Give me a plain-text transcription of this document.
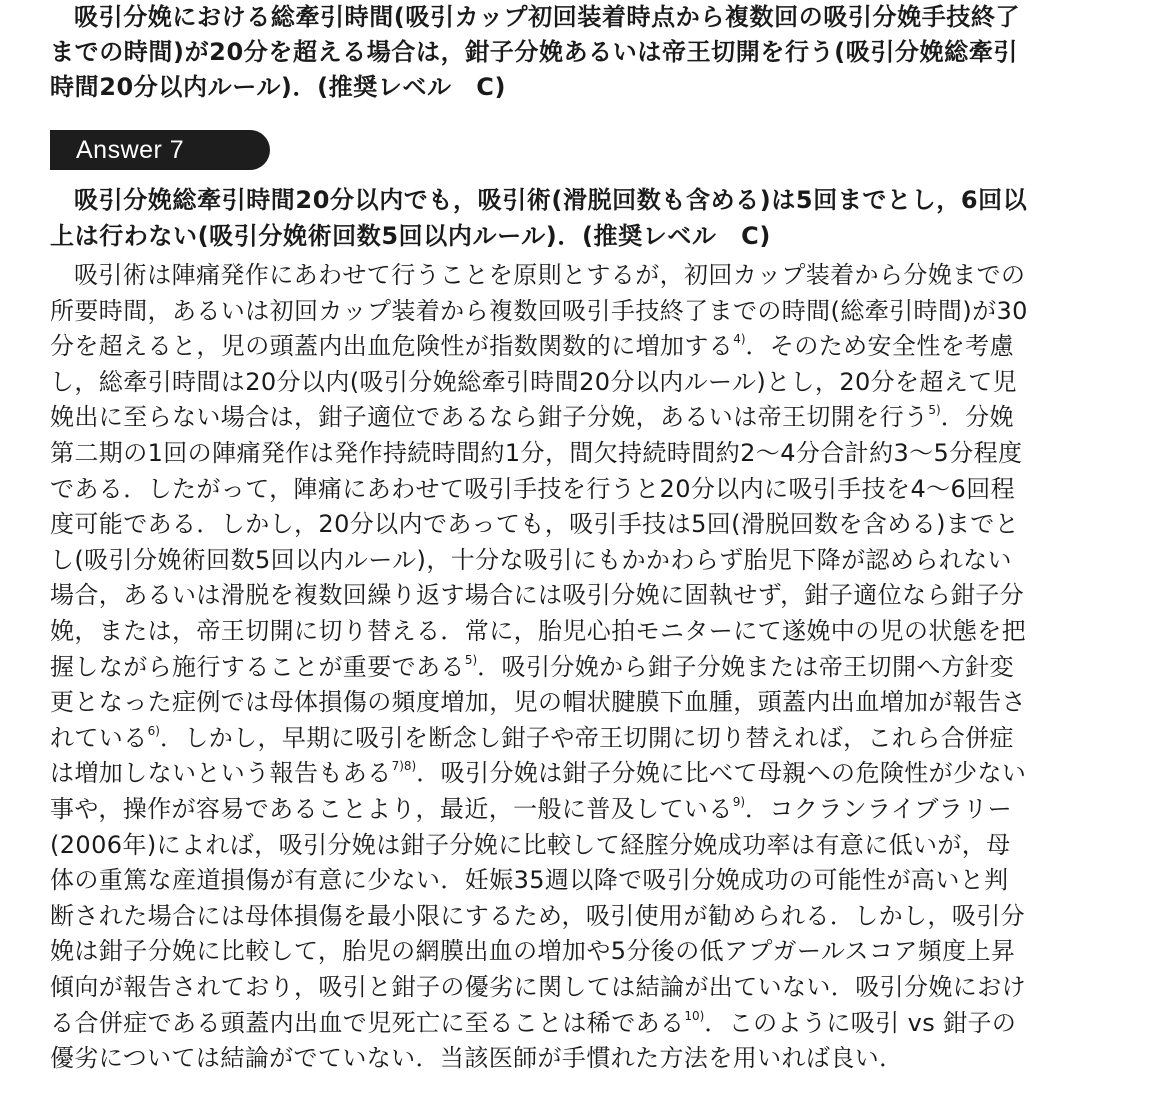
吸引分娩における総牽引時間(吸引カップ初回装着時点から複数回の吸引分娩手技終了
までの時間)が20分を超える場合は，鉗子分娩あるいは帝王切開を行う(吸引分娩総牽引
時間20分以内ルール)．(推奨レベル　C)
Answer 7
吸引分娩総牽引時間20分以内でも，吸引術(滑脱回数も含める)は5回までとし，6回以
上は行わない(吸引分娩術回数5回以内ルール)．(推奨レベル　C)
吸引術は陣痛発作にあわせて行うことを原則とするが，初回カップ装着から分娩までの
所要時間，あるいは初回カップ装着から複数回吸引手技終了までの時間(総牽引時間)が30
分を超えると，児の頭蓋内出血危険性が指数関数的に増加する$^{4)}$．そのため安全性を考慮
し，総牽引時間は20分以内(吸引分娩総牽引時間20分以内ルール)とし，20分を超えて児
娩出に至らない場合は，鉗子適位であるなら鉗子分娩，あるいは帝王切開を行う$^{5)}$．分娩
第二期の1回の陣痛発作は発作持続時間約1分，間欠持続時間約2～4分合計約3～5分程度
である．したがって，陣痛にあわせて吸引手技を行うと20分以内に吸引手技を4～6回程
度可能である．しかし，20分以内であっても，吸引手技は5回(滑脱回数を含める)までと
し(吸引分娩術回数5回以内ルール)，十分な吸引にもかかわらず胎児下降が認められない
場合，あるいは滑脱を複数回繰り返す場合には吸引分娩に固執せず，鉗子適位なら鉗子分
娩，または，帝王切開に切り替える．常に，胎児心拍モニターにて遂娩中の児の状態を把
握しながら施行することが重要である$^{5)}$．吸引分娩から鉗子分娩または帝王切開へ方針変
更となった症例では母体損傷の頻度増加，児の帽状腱膜下血腫，頭蓋内出血増加が報告さ
れている$^{6)}$．しかし，早期に吸引を断念し鉗子や帝王切開に切り替えれば，これら合併症
は増加しないという報告もある$^{7)8)}$．吸引分娩は鉗子分娩に比べて母親への危険性が少ない
事や，操作が容易であることより，最近，一般に普及している$^{9)}$．コクランライブラリー
(2006年)によれば，吸引分娩は鉗子分娩に比較して経腟分娩成功率は有意に低いが，母
体の重篤な産道損傷が有意に少ない．妊娠35週以降で吸引分娩成功の可能性が高いと判
断された場合には母体損傷を最小限にするため，吸引使用が勧められる．しかし，吸引分
娩は鉗子分娩に比較して，胎児の網膜出血の増加や5分後の低アプガールスコア頻度上昇
傾向が報告されており，吸引と鉗子の優劣に関しては結論が出ていない．吸引分娩におけ
る合併症である頭蓋内出血で児死亡に至ることは稀である$^{10)}$．このように吸引 vs 鉗子の
優劣については結論がでていない．当該医師が手慣れた方法を用いれば良い．
